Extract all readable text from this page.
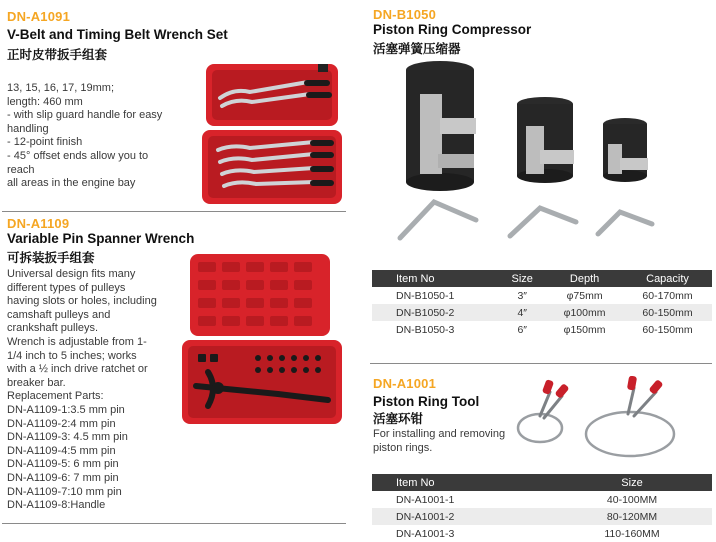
DN-A1091
V-Belt and Timing Belt Wrench Set
正时皮带扳手组套
13, 15, 16, 17, 19mm;
length: 460 mm
- with slip guard handle for easy
handling
- 12-point finish
- 45° offset ends allow you to
reach
all areas in the engine bay
DN-A1109
Variable Pin Spanner Wrench
可拆装扳手组套
Universal design fits many
different types of pulleys
having slots or holes, including
camshaft pulleys and
crankshaft pulleys.
Wrench is adjustable from 1-
1/4 inch to 5 inches; works
with a ½ inch drive ratchet or
breaker bar.
Replacement Parts:
DN-A1109-1:3.5 mm pin
DN-A1109-2:4 mm pin
DN-A1109-3: 4.5 mm pin
DN-A1109-4:5 mm pin
DN-A1109-5: 6 mm pin
DN-A1109-6: 7 mm pin
DN-A1109-7:10 mm pin
DN-A1109-8:Handle
DN-B1050
Piston Ring Compressor
活塞弹簧压缩器
Item No	Size	Depth	Capacity
DN-B1050-1	3″	φ75mm	60-170mm
DN-B1050-2	4″	φ100mm	60-150mm
DN-B1050-3	6″	φ150mm	60-150mm
DN-A1001
Piston Ring Tool
活塞环钳
For installing and removing
piston rings.
Item No	Size
DN-A1001-1	40-100MM
DN-A1001-2	80-120MM
DN-A1001-3	110-160MM
